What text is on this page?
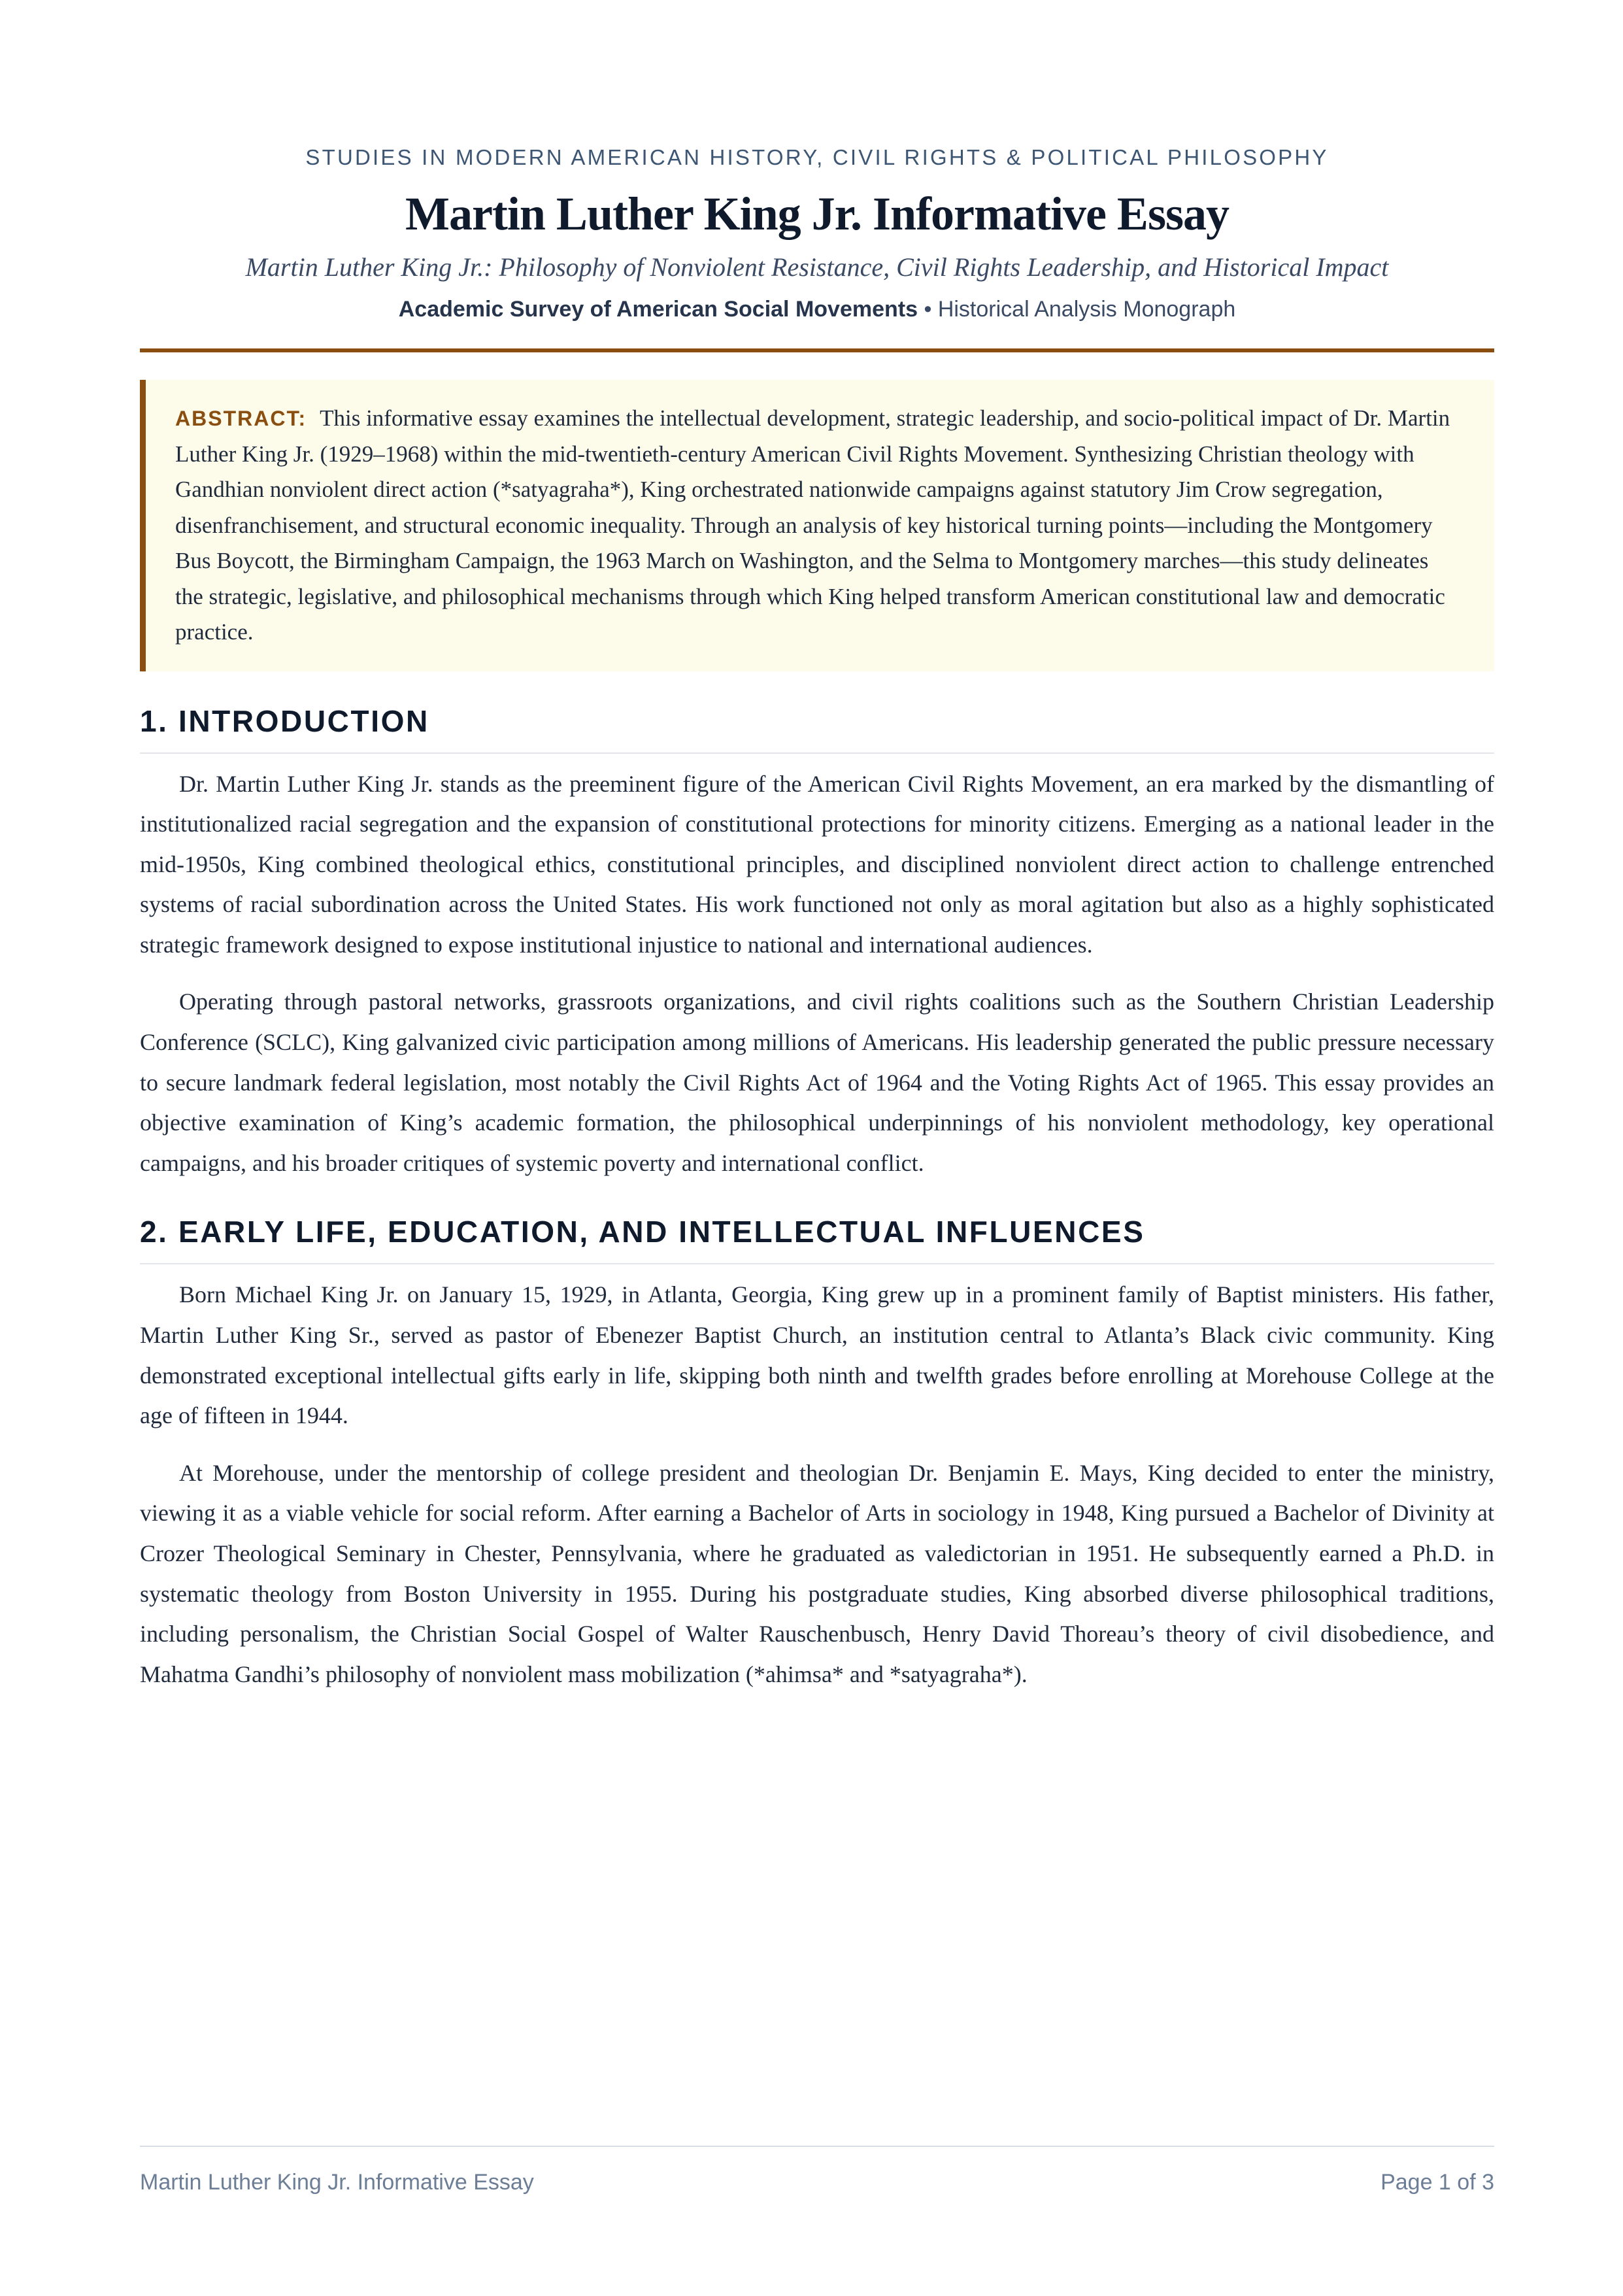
STUDIES IN MODERN AMERICAN HISTORY, CIVIL RIGHTS & POLITICAL PHILOSOPHY
Martin Luther King Jr. Informative Essay
Martin Luther King Jr.: Philosophy of Nonviolent Resistance, Civil Rights Leadership, and Historical Impact
Academic Survey of American Social Movements • Historical Analysis Monograph
ABSTRACT: This informative essay examines the intellectual development, strategic leadership, and socio-political impact of Dr. Martin Luther King Jr. (1929–1968) within the mid-twentieth-century American Civil Rights Movement. Synthesizing Christian theology with Gandhian nonviolent direct action (*satyagraha*), King orchestrated nationwide campaigns against statutory Jim Crow segregation, disenfranchisement, and structural economic inequality. Through an analysis of key historical turning points—including the Montgomery Bus Boycott, the Birmingham Campaign, the 1963 March on Washington, and the Selma to Montgomery marches—this study delineates the strategic, legislative, and philosophical mechanisms through which King helped transform American constitutional law and democratic practice.
1. INTRODUCTION

Dr. Martin Luther King Jr. stands as the preeminent figure of the American Civil Rights Movement, an era marked by the dismantling of institutionalized racial segregation and the expansion of constitutional protections for minority citizens. Emerging as a national leader in the mid-1950s, King combined theological ethics, constitutional principles, and disciplined nonviolent direct action to challenge entrenched systems of racial subordination across the United States. His work functioned not only as moral agitation but also as a highly sophisticated strategic framework designed to expose institutional injustice to national and international audiences.

Operating through pastoral networks, grassroots organizations, and civil rights coalitions such as the Southern Christian Leadership Conference (SCLC), King galvanized civic participation among millions of Americans. His leadership generated the public pressure necessary to secure landmark federal legislation, most notably the Civil Rights Act of 1964 and the Voting Rights Act of 1965. This essay provides an objective examination of King’s academic formation, the philosophical underpinnings of his nonviolent methodology, key operational campaigns, and his broader critiques of systemic poverty and international conflict.

2. EARLY LIFE, EDUCATION, AND INTELLECTUAL INFLUENCES

Born Michael King Jr. on January 15, 1929, in Atlanta, Georgia, King grew up in a prominent family of Baptist ministers. His father, Martin Luther King Sr., served as pastor of Ebenezer Baptist Church, an institution central to Atlanta’s Black civic community. King demonstrated exceptional intellectual gifts early in life, skipping both ninth and twelfth grades before enrolling at Morehouse College at the age of fifteen in 1944.

At Morehouse, under the mentorship of college president and theologian Dr. Benjamin E. Mays, King decided to enter the ministry, viewing it as a viable vehicle for social reform. After earning a Bachelor of Arts in sociology in 1948, King pursued a Bachelor of Divinity at Crozer Theological Seminary in Chester, Pennsylvania, where he graduated as valedictorian in 1951. He subsequently earned a Ph.D. in systematic theology from Boston University in 1955. During his postgraduate studies, King absorbed diverse philosophical traditions, including personalism, the Christian Social Gospel of Walter Rauschenbusch, Henry David Thoreau’s theory of civil disobedience, and Mahatma Gandhi’s philosophy of nonviolent mass mobilization (*ahimsa* and *satyagraha*).

Martin Luther King Jr. Informative Essay	Page 1 of 3
